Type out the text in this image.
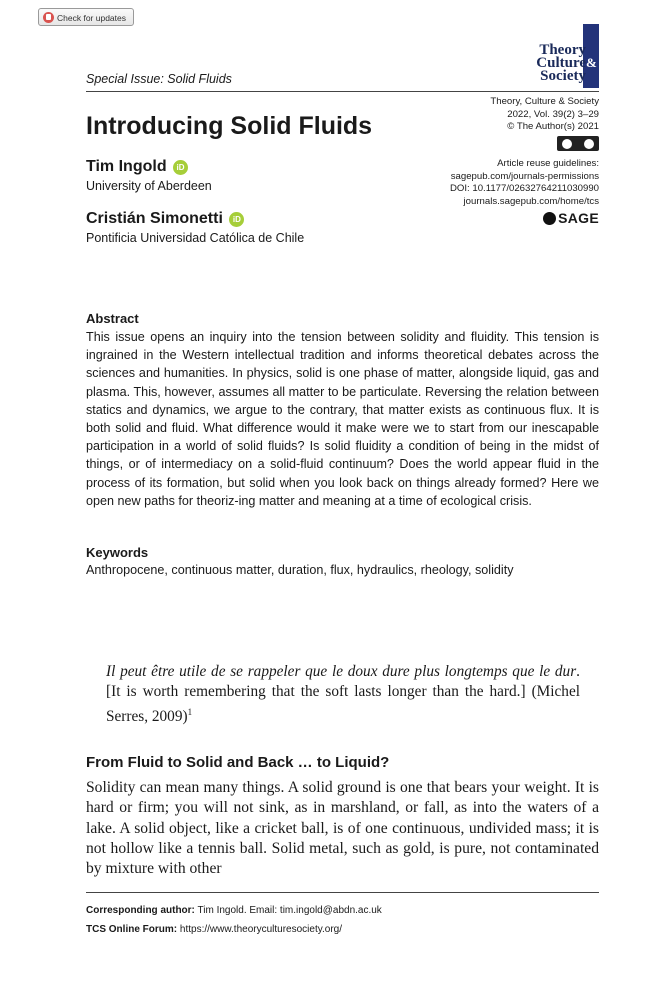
Check for updates
&
Theory
Culture
Society
Special Issue: Solid Fluids
Theory, Culture & Society
2022, Vol. 39(2) 3–29
© The Author(s) 2021
Article reuse guidelines:
sagepub.com/journals-permissions
DOI: 10.1177/02632764211030990
journals.sagepub.com/home/tcs
SAGE
Introducing Solid Fluids
Tim Ingold iD
University of Aberdeen
Cristián Simonetti iD
Pontificia Universidad Católica de Chile
Abstract
This issue opens an inquiry into the tension between solidity and fluidity. This tension is ingrained in the Western intellectual tradition and informs theoretical debates across the sciences and humanities. In physics, solid is one phase of matter, alongside liquid, gas and plasma. This, however, assumes all matter to be particulate. Reversing the relation between statics and dynamics, we argue to the contrary, that matter exists as continuous flux. It is both solid and fluid. What difference would it make were we to start from our inescapable participation in a world of solid fluids? Is solid fluidity a condition of being in the midst of things, or of intermediacy on a solid-fluid continuum? Does the world appear fluid in the process of its formation, but solid when you look back on things already formed? Here we open new paths for theoriz-ing matter and meaning at a time of ecological crisis.
Keywords
Anthropocene, continuous matter, duration, flux, hydraulics, rheology, solidity
Il peut être utile de se rappeler que le doux dure plus longtemps que le dur. [It is worth remembering that the soft lasts longer than the hard.] (Michel Serres, 2009)$^1$
From Fluid to Solid and Back … to Liquid?
Solidity can mean many things. A solid ground is one that bears your weight. It is hard or firm; you will not sink, as in marshland, or fall, as into the waters of a lake. A solid object, like a cricket ball, is of one continuous, undivided mass; it is not hollow like a tennis ball. Solid metal, such as gold, is pure, not contaminated by mixture with other
Corresponding author: Tim Ingold. Email: tim.ingold@abdn.ac.uk
TCS Online Forum: https://www.theoryculturesociety.org/
